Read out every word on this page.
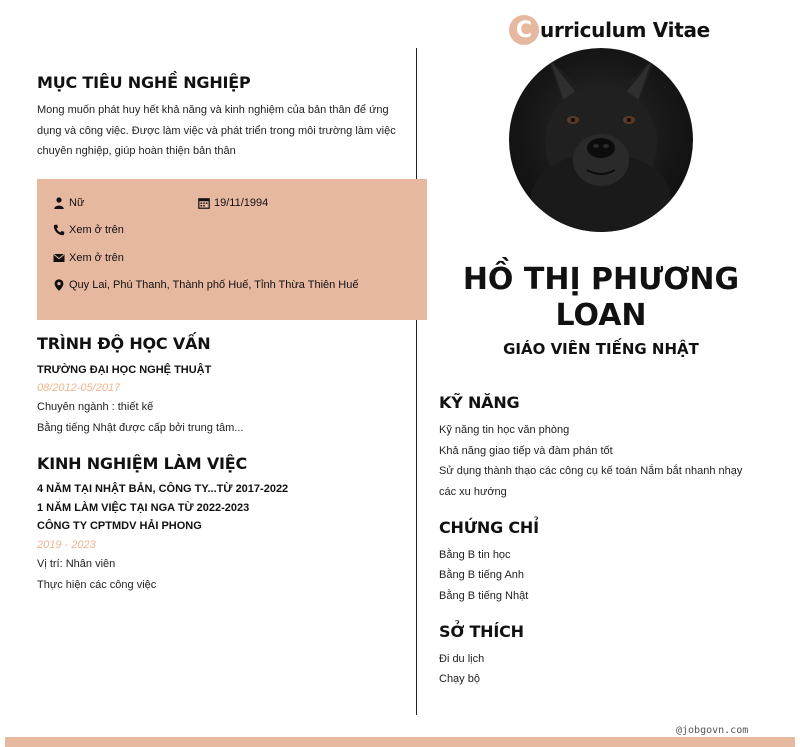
C urriculum Vitae
MỤC TIÊU NGHỀ NGHIỆP
Mong muốn phát huy hết khả năng và kinh nghiệm của bản thân để ứng dụng và công việc. Được làm việc và phát triển trong môi trường làm việc chuyên nghiệp, giúp hoàn thiện bản thân
TRÌNH ĐỘ HỌC VẤN
TRƯỜNG ĐẠI HỌC NGHỆ THUẬT
08/2012-05/2017
Chuyên ngành : thiết kế
Bằng tiếng Nhật được cấp bởi trung tâm...
KINH NGHIỆM LÀM VIỆC
4 NĂM TẠI NHẬT BẢN, CÔNG TY...TỪ 2017-2022
1 NĂM LÀM VIỆC TẠI NGA TỪ 2022-2023
CÔNG TY CPTMDV HẢI PHONG
2019 - 2023
Vị trí: Nhân viên
Thực hiện các công việc
Nữ	19/11/1994
Xem ở trên
Xem ở trên
Quy Lai, Phú Thanh, Thành phố Huế, Tỉnh Thừa Thiên Huế	HỒ THỊ PHƯƠNG
LOAN
GIÁO VIÊN TIẾNG NHẬT
KỸ NĂNG
Kỹ năng tin học văn phòng
Khả năng giao tiếp và đàm phán tốt
Sử dụng thành thạo các công cụ kế toán Nắm bắt nhanh nhạy các xu hướng
CHỨNG CHỈ
Bằng B tin học
Bằng B tiếng Anh
Bằng B tiếng Nhật
SỞ THÍCH
Đi du lịch
Chạy bộ
@jobgovn.com
